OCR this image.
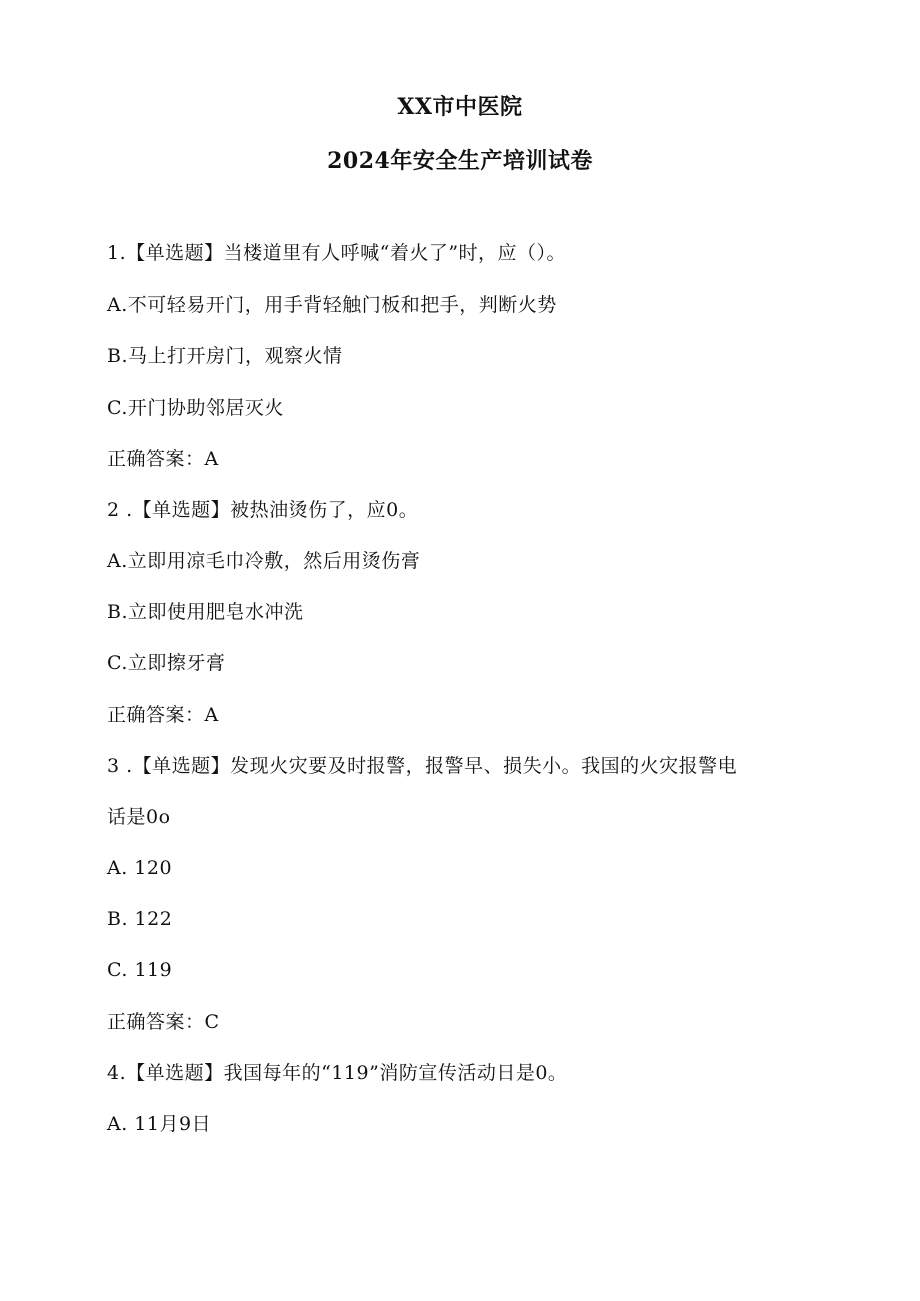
XX市中医院
2024年安全生产培训试卷
1.【单选题】当楼道里有人呼喊“着火了”时，应（）。
A.不可轻易开门，用手背轻触门板和把手，判断火势
B.马上打开房门，观察火情
C.开门协助邻居灭火
正确答案：A
2 .【单选题】被热油烫伤了，应0。
A.立即用凉毛巾冷敷，然后用烫伤膏
B.立即使用肥皂水冲洗
C.立即擦牙膏
正确答案：A
3 .【单选题】发现火灾要及时报警，报警早、损失小。我国的火灾报警电
话是0o
A. 120
B. 122
C. 119
正确答案：C
4.【单选题】我国每年的“119”消防宣传活动日是0。
A. 11月9日
